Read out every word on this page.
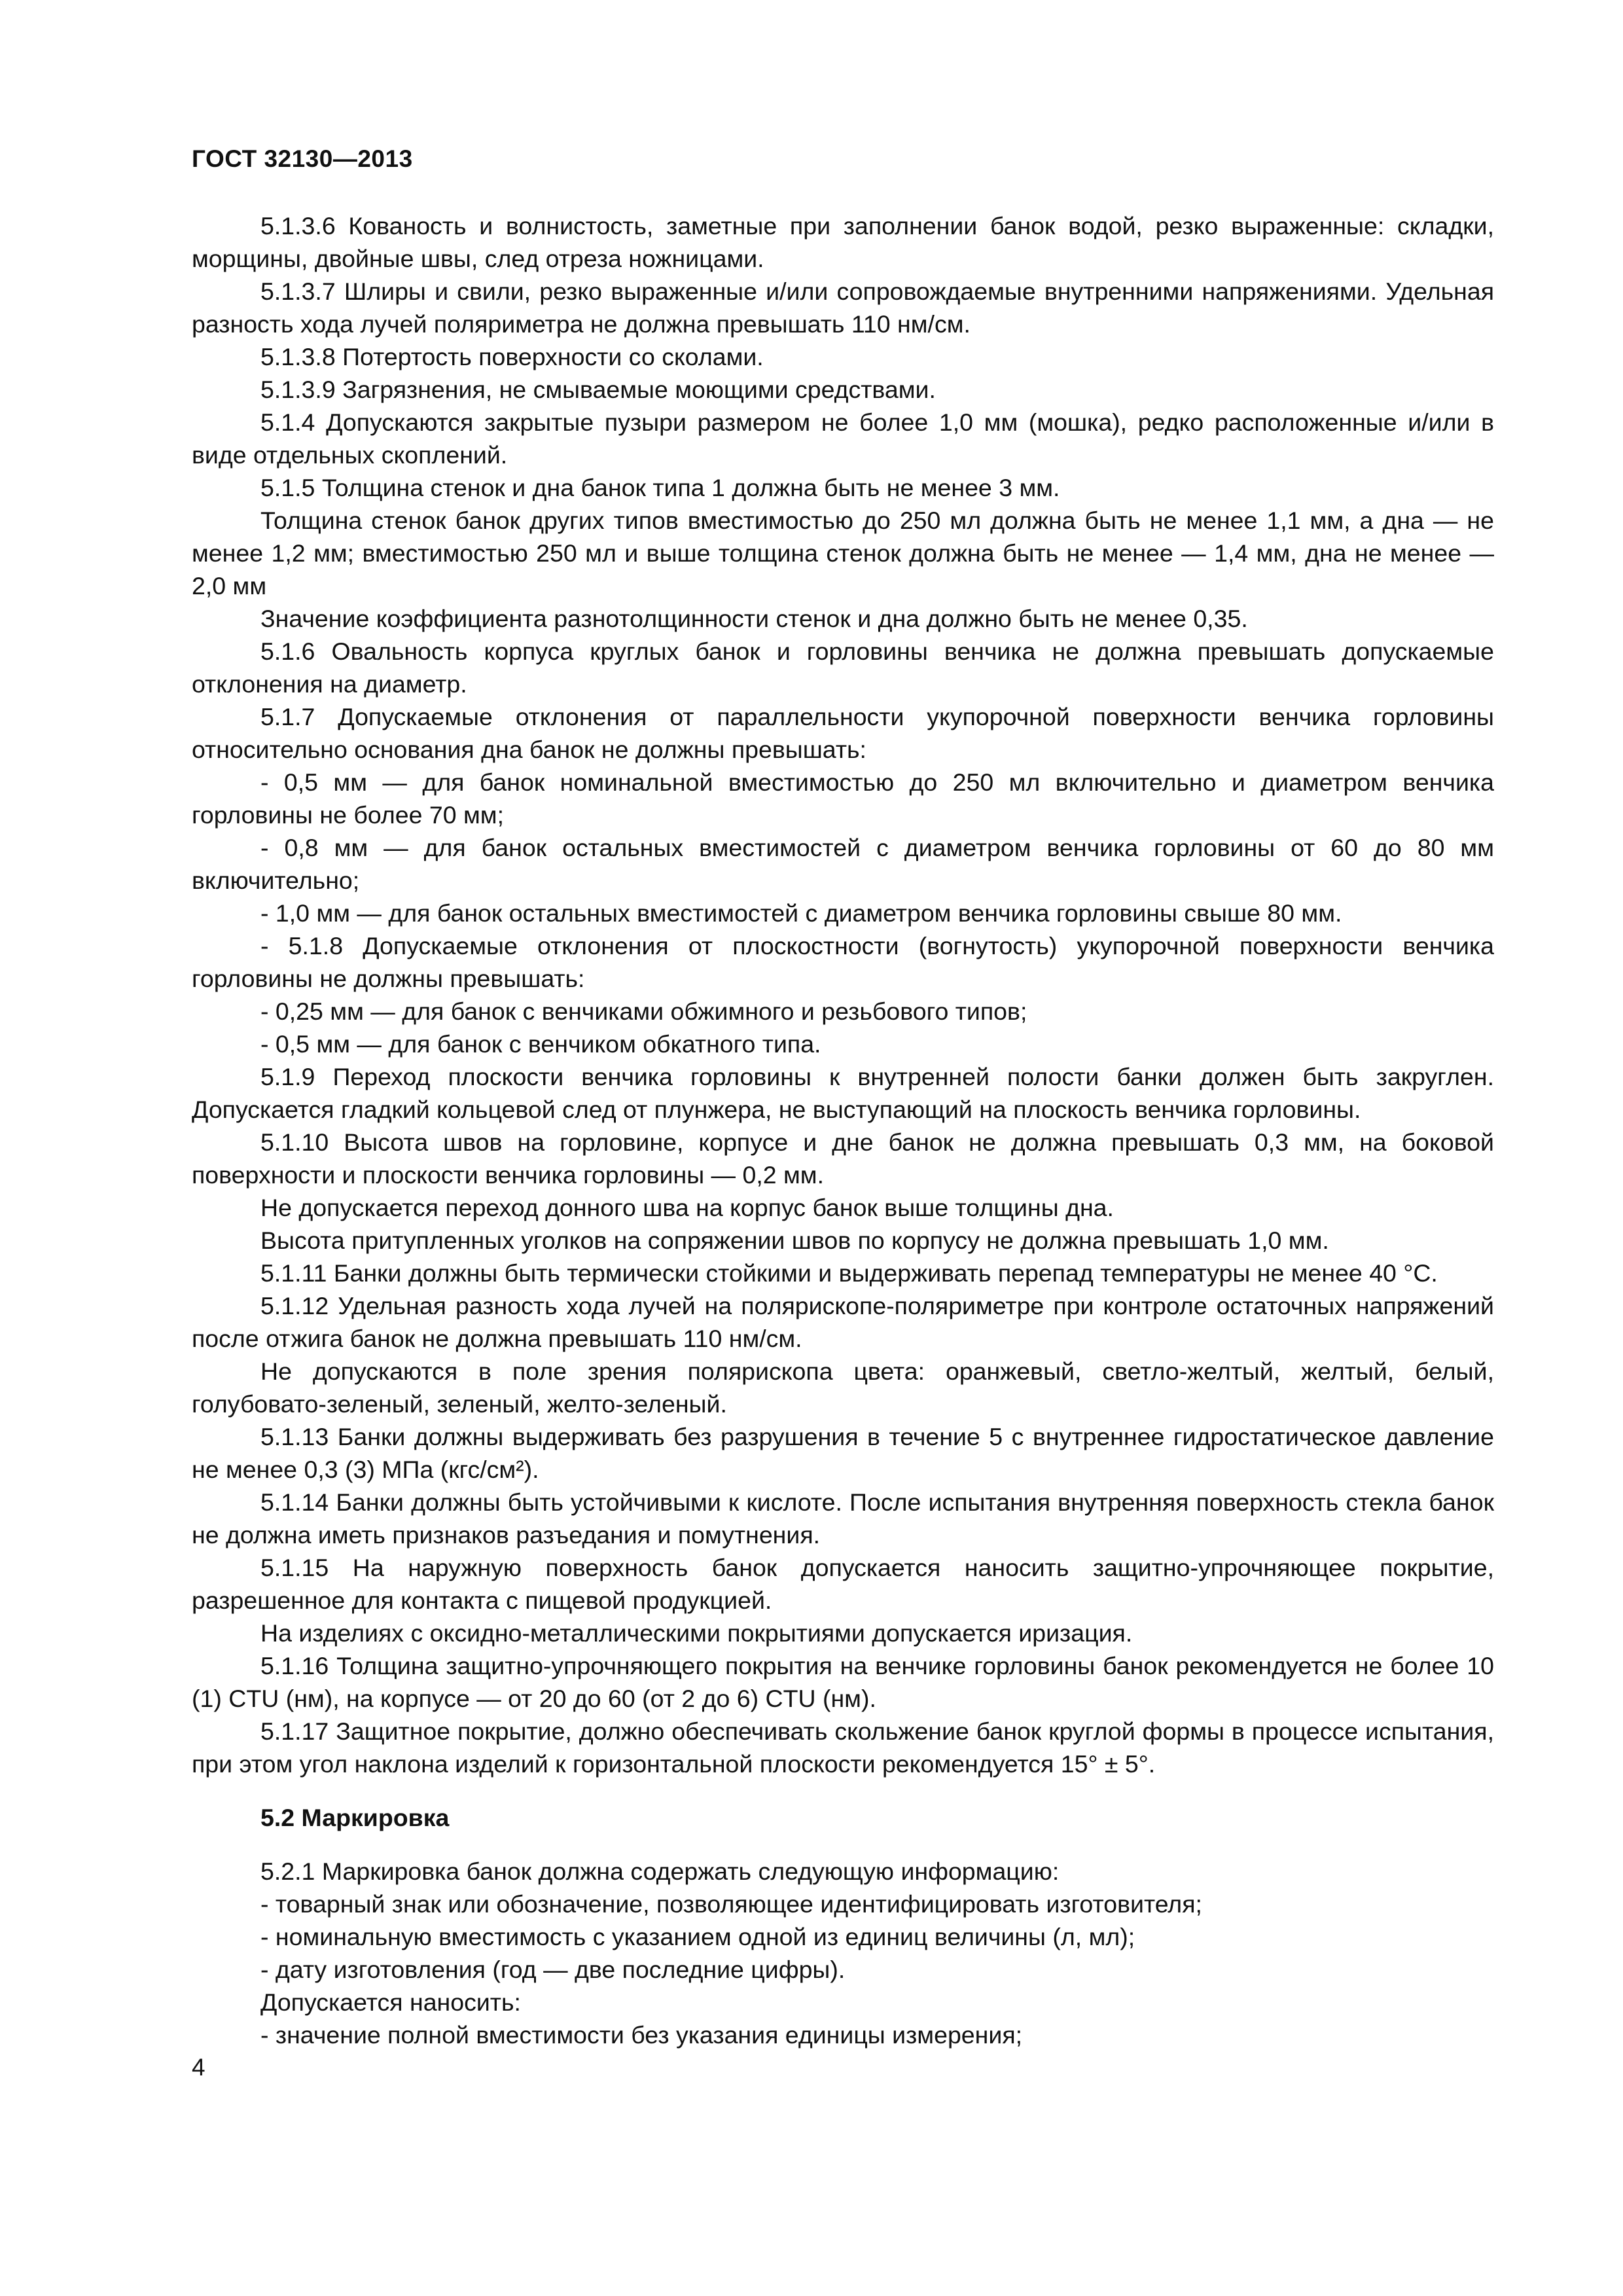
ГОСТ 32130—2013

5.1.3.6 Кованость и волнистость, заметные при заполнении банок водой, резко выраженные: складки, морщины, двойные швы, след отреза ножницами.

5.1.3.7 Шлиры и свили, резко выраженные и/или сопровождаемые внутренними напряжениями. Удельная разность хода лучей поляриметра не должна превышать 110 нм/см.

5.1.3.8 Потертость поверхности со сколами.

5.1.3.9 Загрязнения, не смываемые моющими средствами.

5.1.4 Допускаются закрытые пузыри размером не более 1,0 мм (мошка), редко расположенные и/или в виде отдельных скоплений.

5.1.5 Толщина стенок и дна банок типа 1 должна быть не менее 3 мм.

Толщина стенок банок других типов вместимостью до 250 мл должна быть не менее 1,1 мм, а дна — не менее 1,2 мм; вместимостью 250 мл и выше толщина стенок должна быть не менее — 1,4 мм, дна не менее — 2,0 мм

Значение коэффициента разнотолщинности стенок и дна должно быть не менее 0,35.

5.1.6 Овальность корпуса круглых банок и горловины венчика не должна превышать допускаемые отклонения на диаметр.

5.1.7 Допускаемые отклонения от параллельности укупорочной поверхности венчика горловины относительно основания дна банок не должны превышать:

- 0,5 мм — для банок номинальной вместимостью до 250 мл включительно и диаметром венчика горловины не более 70 мм;

- 0,8 мм — для банок остальных вместимостей с диаметром венчика горловины от 60 до 80 мм включительно;

- 1,0 мм — для банок остальных вместимостей с диаметром венчика горловины свыше 80 мм.

- 5.1.8 Допускаемые отклонения от плоскостности (вогнутость) укупорочной поверхности венчика горловины не должны превышать:

- 0,25 мм — для банок с венчиками обжимного и резьбового типов;

- 0,5 мм — для банок с венчиком обкатного типа.

5.1.9 Переход плоскости венчика горловины к внутренней полости банки должен быть закруглен. Допускается гладкий кольцевой след от плунжера, не выступающий на плоскость венчика горловины.

5.1.10 Высота швов на горловине, корпусе и дне банок не должна превышать 0,3 мм, на боковой поверхности и плоскости венчика горловины — 0,2 мм.

Не допускается переход донного шва на корпус банок выше толщины дна.

Высота притупленных уголков на сопряжении швов по корпусу не должна превышать 1,0 мм.

5.1.11 Банки должны быть термически стойкими и выдерживать перепад температуры не менее 40 °С.

5.1.12 Удельная разность хода лучей на полярископе-поляриметре при контроле остаточных напряжений после отжига банок не должна превышать 110 нм/см.

Не допускаются в поле зрения полярископа цвета: оранжевый, светло-желтый, желтый, белый, голубовато-зеленый, зеленый, желто-зеленый.

5.1.13 Банки должны выдерживать без разрушения в течение 5 с внутреннее гидростатическое давление не менее 0,3 (3) МПа (кгс/см²).

5.1.14 Банки должны быть устойчивыми к кислоте. После испытания внутренняя поверхность стекла банок не должна иметь признаков разъедания и помутнения.

5.1.15 На наружную поверхность банок допускается наносить защитно-упрочняющее покрытие, разрешенное для контакта с пищевой продукцией.

На изделиях с оксидно-металлическими покрытиями допускается иризация.

5.1.16 Толщина защитно-упрочняющего покрытия на венчике горловины банок рекомендуется не более 10 (1) CTU (нм), на корпусе — от 20 до 60 (от 2 до 6) CTU (нм).

5.1.17 Защитное покрытие, должно обеспечивать скольжение банок круглой формы в процессе испытания, при этом угол наклона изделий к горизонтальной плоскости рекомендуется 15° ± 5°.

5.2 Маркировка

5.2.1 Маркировка банок должна содержать следующую информацию:

- товарный знак или обозначение, позволяющее идентифицировать изготовителя;

- номинальную вместимость с указанием одной из единиц величины (л, мл);

- дату изготовления (год — две последние цифры).

Допускается наносить:

- значение полной вместимости без указания единицы измерения;

4
